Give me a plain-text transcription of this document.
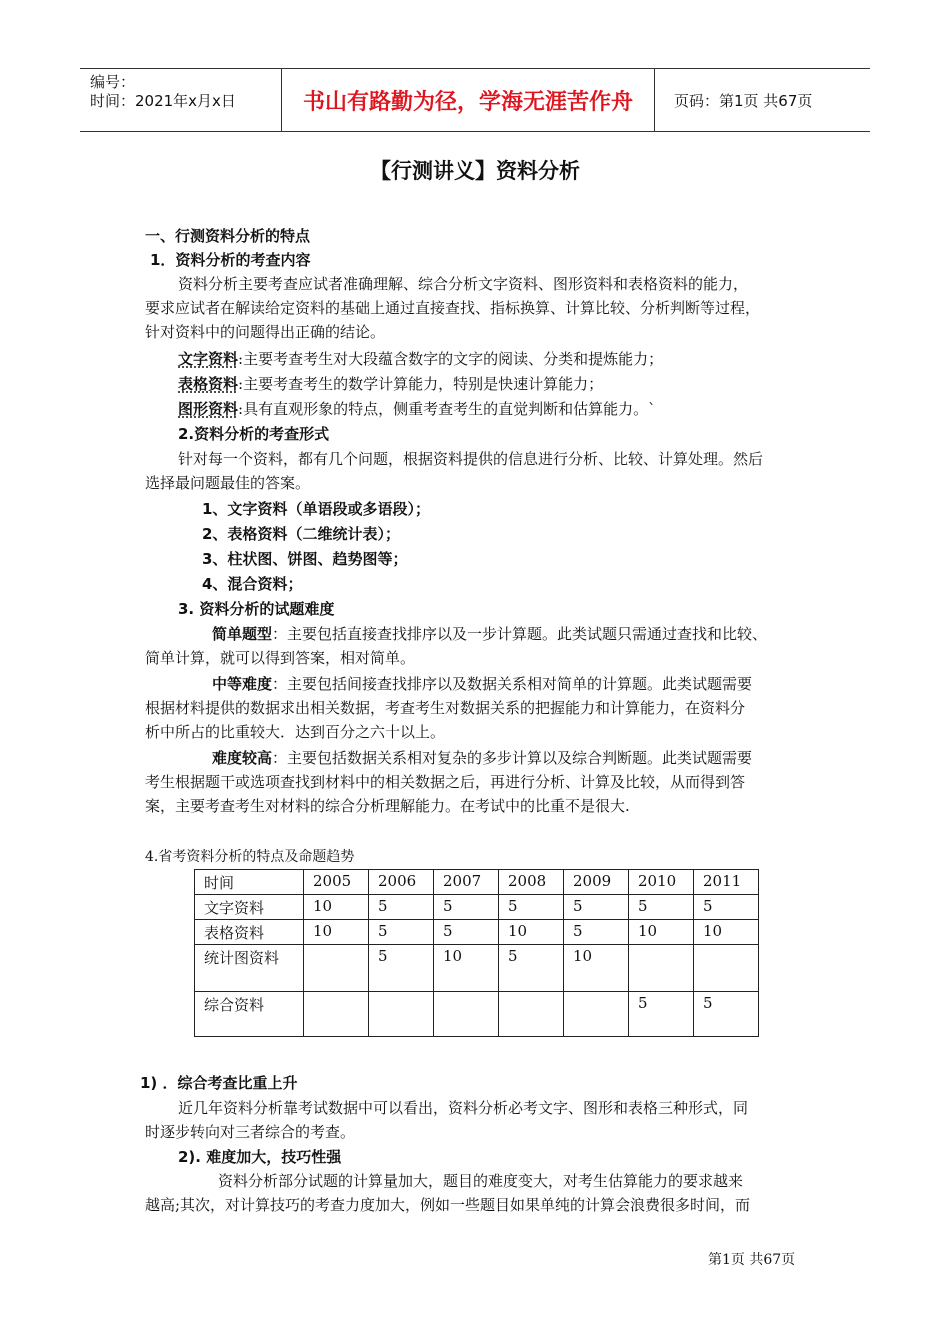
编号：
时间：2021年x月x日	书山有路勤为径，学海无涯苦作舟	页码：第1页 共67页
【行测讲义】资料分析
一、行测资料分析的特点
1．资料分析的考查内容
资料分析主要考查应试者准确理解、综合分析文字资料、图形资料和表格资料的能力，
要求应试者在解读给定资料的基础上通过直接查找、指标换算、计算比较、分析判断等过程，
针对资料中的问题得出正确的结论。
文字资料:主要考查考生对大段蕴含数字的文字的阅读、分类和提炼能力；
表格资料:主要考查考生的数学计算能力，特别是快速计算能力；
图形资料:具有直观形象的特点，侧重考查考生的直觉判断和估算能力。`
2.资料分析的考查形式
针对每一个资料，都有几个问题，根据资料提供的信息进行分析、比较、计算处理。然后
选择最问题最佳的答案。
1、文字资料（单语段或多语段）；
2、表格资料（二维统计表）；
3、柱状图、饼图、趋势图等；
4、混合资料；
3. 资料分析的试题难度
简单题型：主要包括直接查找排序以及一步计算题。此类试题只需通过查找和比较、
简单计算，就可以得到答案，相对简单。
中等难度：主要包括间接查找排序以及数据关系相对简单的计算题。此类试题需要
根据材料提供的数据求出相关数据，考查考生对数据关系的把握能力和计算能力，在资料分
析中所占的比重较大．达到百分之六十以上。
难度较高：主要包括数据关系相对复杂的多步计算以及综合判断题。此类试题需要
考生根据题干或选项查找到材料中的相关数据之后，再进行分析、计算及比较，从而得到答
案，主要考查考生对材料的综合分析理解能力。在考试中的比重不是很大.
4.省考资料分析的特点及命题趋势
时间	2005	2006	2007	2008	2009	2010	2011
文字资料	10	5	5	5	5	5	5
表格资料	10	5	5	10	5	10	10
统计图资料		5	10	5	10		
综合资料						5	5
1) ．综合考查比重上升
近几年资料分析靠考试数据中可以看出，资料分析必考文字、图形和表格三种形式，同
时逐步转向对三者综合的考查。
2). 难度加大，技巧性强
资料分析部分试题的计算量加大，题目的难度变大，对考生估算能力的要求越来
越高;其次，对计算技巧的考查力度加大，例如一些题目如果单纯的计算会浪费很多时间，而
第1页 共67页
